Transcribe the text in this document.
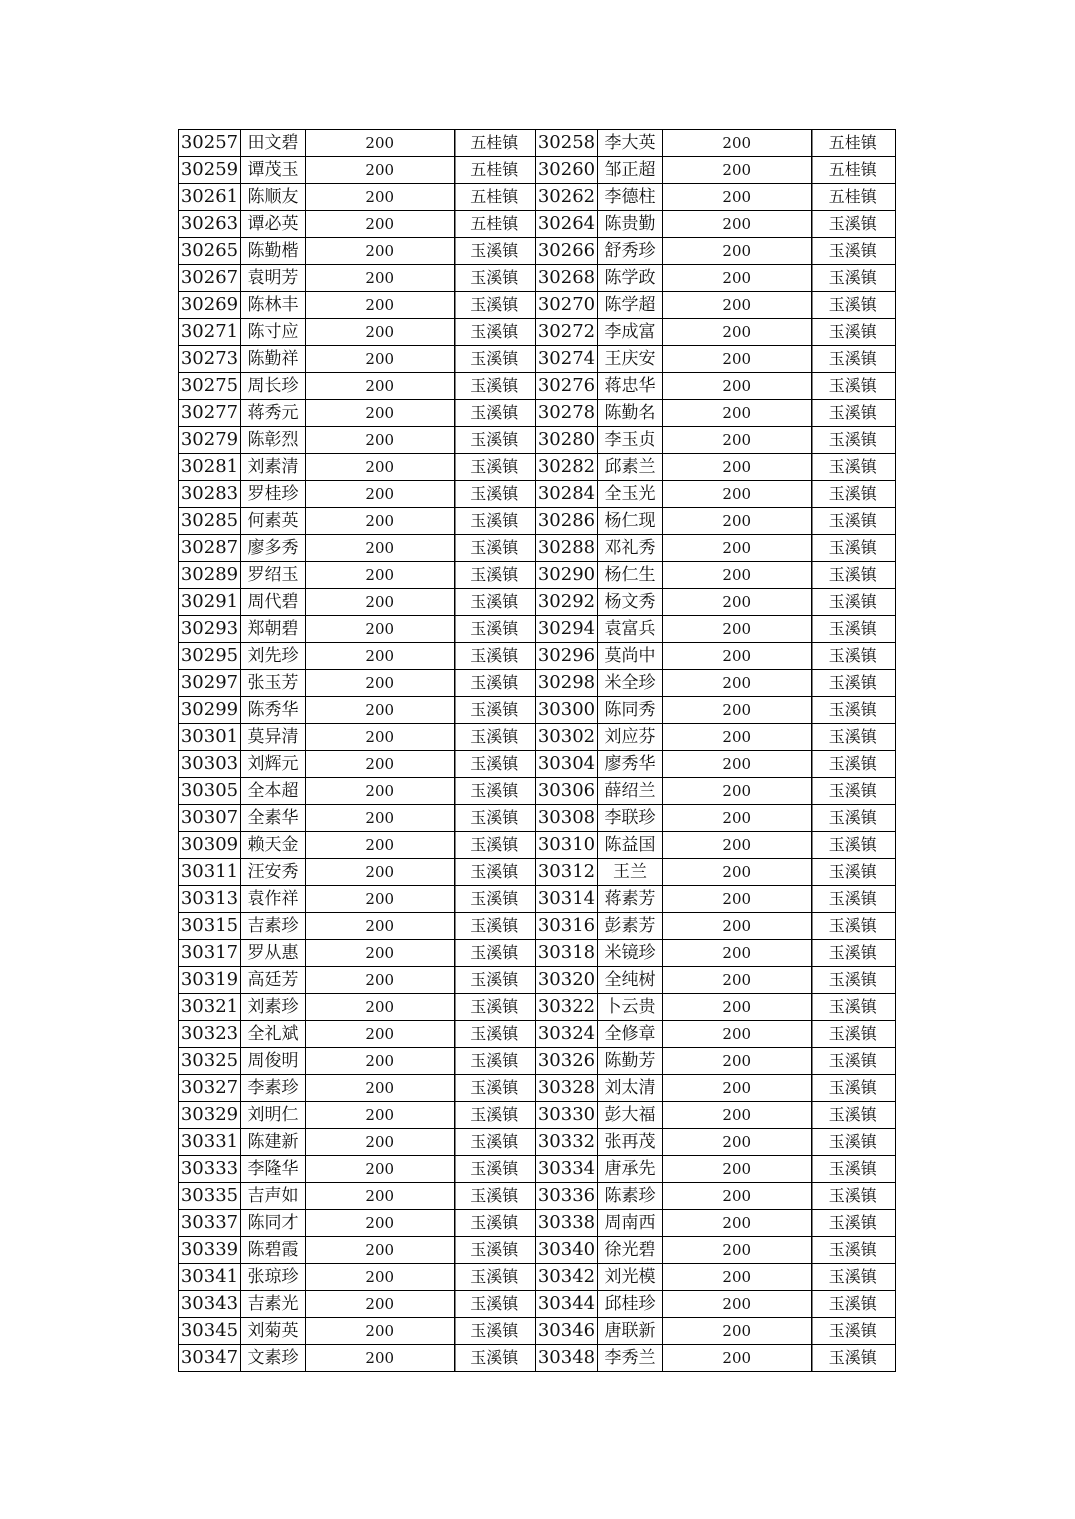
30257	田文碧	200	五桂镇	30258	李大英	200	五桂镇
30259	谭茂玉	200	五桂镇	30260	邹正超	200	五桂镇
30261	陈顺友	200	五桂镇	30262	李德柱	200	五桂镇
30263	谭必英	200	五桂镇	30264	陈贵勤	200	玉溪镇
30265	陈勤楷	200	玉溪镇	30266	舒秀珍	200	玉溪镇
30267	袁明芳	200	玉溪镇	30268	陈学政	200	玉溪镇
30269	陈林丰	200	玉溪镇	30270	陈学超	200	玉溪镇
30271	陈寸应	200	玉溪镇	30272	李成富	200	玉溪镇
30273	陈勤祥	200	玉溪镇	30274	王庆安	200	玉溪镇
30275	周长珍	200	玉溪镇	30276	蒋忠华	200	玉溪镇
30277	蒋秀元	200	玉溪镇	30278	陈勤名	200	玉溪镇
30279	陈彰烈	200	玉溪镇	30280	李玉贞	200	玉溪镇
30281	刘素清	200	玉溪镇	30282	邱素兰	200	玉溪镇
30283	罗桂珍	200	玉溪镇	30284	全玉光	200	玉溪镇
30285	何素英	200	玉溪镇	30286	杨仁现	200	玉溪镇
30287	廖多秀	200	玉溪镇	30288	邓礼秀	200	玉溪镇
30289	罗绍玉	200	玉溪镇	30290	杨仁生	200	玉溪镇
30291	周代碧	200	玉溪镇	30292	杨文秀	200	玉溪镇
30293	郑朝碧	200	玉溪镇	30294	袁富兵	200	玉溪镇
30295	刘先珍	200	玉溪镇	30296	莫尚中	200	玉溪镇
30297	张玉芳	200	玉溪镇	30298	米全珍	200	玉溪镇
30299	陈秀华	200	玉溪镇	30300	陈同秀	200	玉溪镇
30301	莫异清	200	玉溪镇	30302	刘应芬	200	玉溪镇
30303	刘辉元	200	玉溪镇	30304	廖秀华	200	玉溪镇
30305	全本超	200	玉溪镇	30306	薛绍兰	200	玉溪镇
30307	全素华	200	玉溪镇	30308	李联珍	200	玉溪镇
30309	赖天金	200	玉溪镇	30310	陈益国	200	玉溪镇
30311	汪安秀	200	玉溪镇	30312	王兰	200	玉溪镇
30313	袁作祥	200	玉溪镇	30314	蒋素芳	200	玉溪镇
30315	吉素珍	200	玉溪镇	30316	彭素芳	200	玉溪镇
30317	罗从惠	200	玉溪镇	30318	米镜珍	200	玉溪镇
30319	高廷芳	200	玉溪镇	30320	全纯树	200	玉溪镇
30321	刘素珍	200	玉溪镇	30322	卜云贵	200	玉溪镇
30323	全礼斌	200	玉溪镇	30324	全修章	200	玉溪镇
30325	周俊明	200	玉溪镇	30326	陈勤芳	200	玉溪镇
30327	李素珍	200	玉溪镇	30328	刘太清	200	玉溪镇
30329	刘明仁	200	玉溪镇	30330	彭大福	200	玉溪镇
30331	陈建新	200	玉溪镇	30332	张再茂	200	玉溪镇
30333	李隆华	200	玉溪镇	30334	唐承先	200	玉溪镇
30335	吉声如	200	玉溪镇	30336	陈素珍	200	玉溪镇
30337	陈同才	200	玉溪镇	30338	周南西	200	玉溪镇
30339	陈碧霞	200	玉溪镇	30340	徐光碧	200	玉溪镇
30341	张琼珍	200	玉溪镇	30342	刘光模	200	玉溪镇
30343	吉素光	200	玉溪镇	30344	邱桂珍	200	玉溪镇
30345	刘菊英	200	玉溪镇	30346	唐联新	200	玉溪镇
30347	文素珍	200	玉溪镇	30348	李秀兰	200	玉溪镇
